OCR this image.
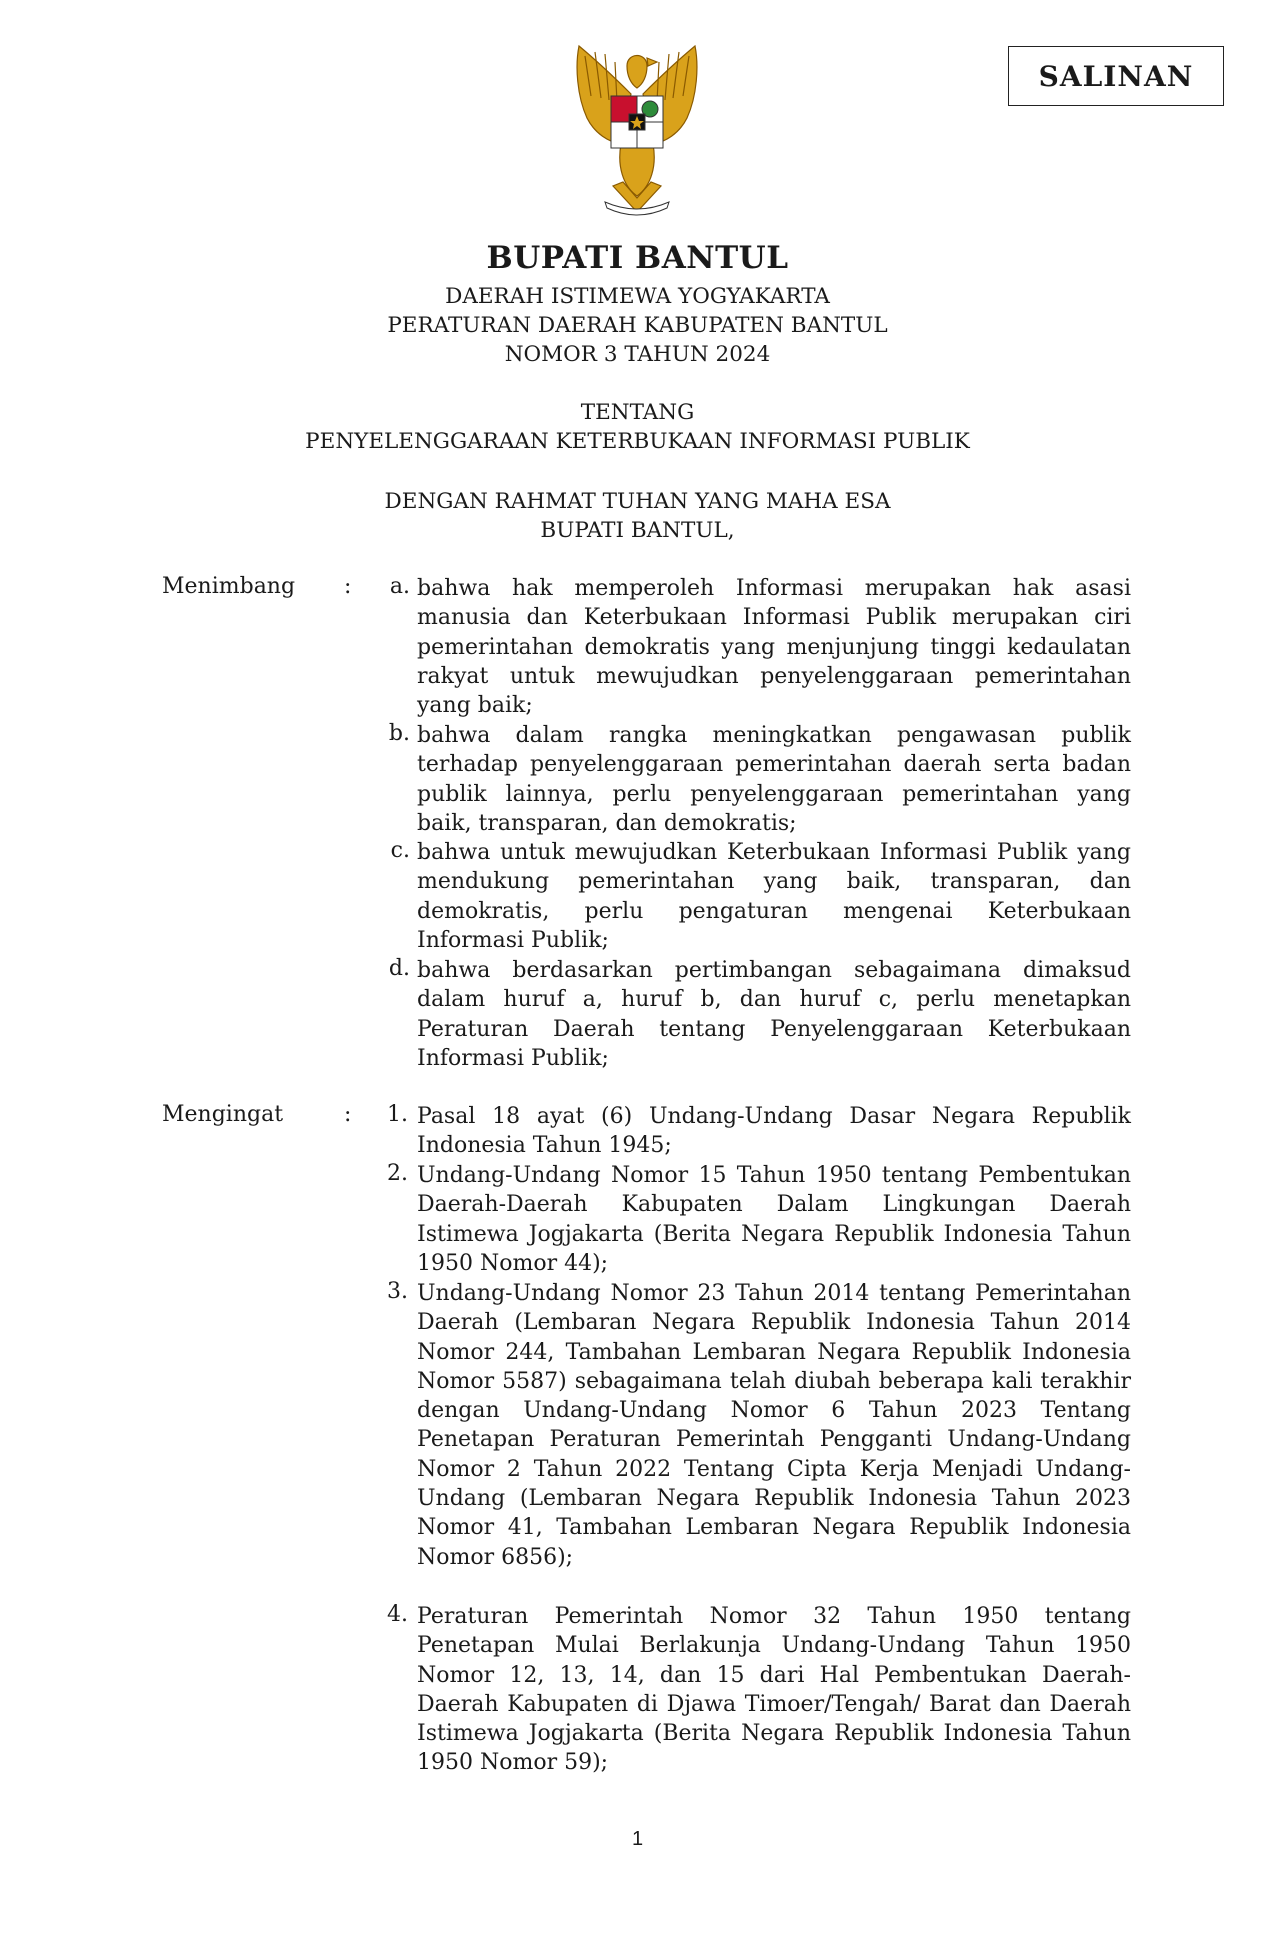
SALINAN
BUPATI BANTUL
DAERAH ISTIMEWA YOGYAKARTA
PERATURAN DAERAH KABUPATEN BANTUL
NOMOR 3 TAHUN 2024
TENTANG
PENYELENGGARAAN KETERBUKAAN INFORMASI PUBLIK
DENGAN RAHMAT TUHAN YANG MAHA ESA
BUPATI BANTUL,
Menimbang :	a. bahwa hak memperoleh Informasi merupakan hak asasi manusia dan Keterbukaan Informasi Publik merupakan ciri pemerintahan demokratis yang menjunjung tinggi kedaulatan rakyat untuk mewujudkan penyelenggaraan pemerintahan yang baik;
b. bahwa dalam rangka meningkatkan pengawasan publik terhadap penyelenggaraan pemerintahan daerah serta badan publik lainnya, perlu penyelenggaraan pemerintahan yang baik, transparan, dan demokratis;
c. bahwa untuk mewujudkan Keterbukaan Informasi Publik yang mendukung pemerintahan yang baik, transparan, dan demokratis, perlu pengaturan mengenai Keterbukaan Informasi Publik;
d. bahwa berdasarkan pertimbangan sebagaimana dimaksud dalam huruf a, huruf b, dan huruf c, perlu menetapkan Peraturan Daerah tentang Penyelenggaraan Keterbukaan Informasi Publik;
Mengingat	:	1. Pasal 18 ayat (6) Undang-Undang Dasar Negara Republik Indonesia Tahun 1945;
2. Undang-Undang Nomor 15 Tahun 1950 tentang Pembentukan Daerah-Daerah Kabupaten Dalam Lingkungan Daerah Istimewa Jogjakarta (Berita Negara Republik Indonesia Tahun 1950 Nomor 44);
3. Undang-Undang Nomor 23 Tahun 2014 tentang Pemerintahan Daerah (Lembaran Negara Republik Indonesia Tahun 2014 Nomor 244, Tambahan Lembaran Negara Republik Indonesia Nomor 5587) sebagaimana telah diubah beberapa kali terakhir dengan Undang-Undang Nomor 6 Tahun 2023 Tentang Penetapan Peraturan Pemerintah Pengganti Undang-Undang Nomor 2 Tahun 2022 Tentang Cipta Kerja Menjadi Undang-Undang (Lembaran Negara Republik Indonesia Tahun 2023 Nomor 41, Tambahan Lembaran Negara Republik Indonesia Nomor 6856);
4. Peraturan Pemerintah Nomor 32 Tahun 1950 tentang Penetapan Mulai Berlakunja Undang-Undang Tahun 1950 Nomor 12, 13, 14, dan 15 dari Hal Pembentukan Daerah-Daerah Kabupaten di Djawa Timoer/Tengah/ Barat dan Daerah Istimewa Jogjakarta (Berita Negara Republik Indonesia Tahun 1950 Nomor 59);
1
